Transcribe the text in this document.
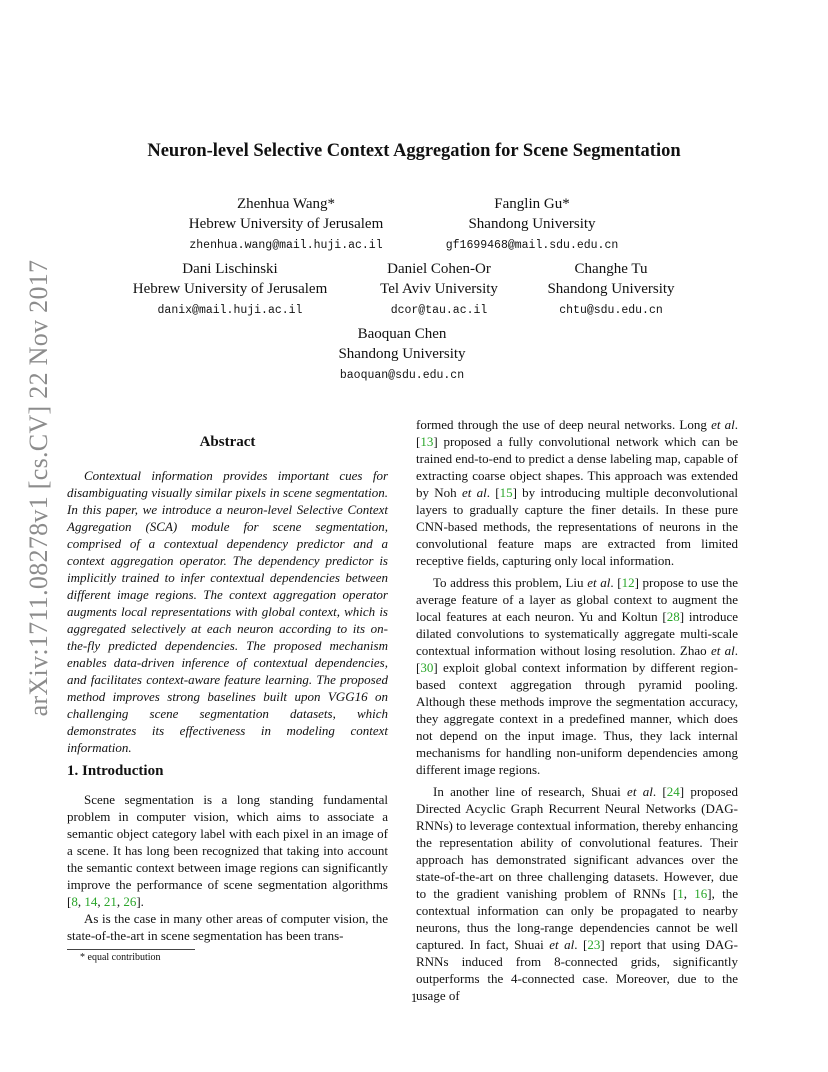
arXiv:1711.08278v1 [cs.CV] 22 Nov 2017
Neuron-level Selective Context Aggregation for Scene Segmentation
Zhenhua Wang*
Hebrew University of Jerusalem
zhenhua.wang@mail.huji.ac.il
Fanglin Gu*
Shandong University
gf1699468@mail.sdu.edu.cn
Dani Lischinski
Hebrew University of Jerusalem
danix@mail.huji.ac.il
Daniel Cohen-Or
Tel Aviv University
dcor@tau.ac.il
Changhe Tu
Shandong University
chtu@sdu.edu.cn
Baoquan Chen
Shandong University
baoquan@sdu.edu.cn
Abstract

Contextual information provides important cues for disambiguating visually similar pixels in scene segmentation. In this paper, we introduce a neuron-level Selective Context Aggregation (SCA) module for scene segmentation, comprised of a contextual dependency predictor and a context aggregation operator. The dependency predictor is implicitly trained to infer contextual dependencies between different image regions. The context aggregation operator augments local representations with global context, which is aggregated selectively at each neuron according to its on-the-fly predicted dependencies. The proposed mechanism enables data-driven inference of contextual dependencies, and facilitates context-aware feature learning. The proposed method improves strong baselines built upon VGG16 on challenging scene segmentation datasets, which demonstrates its effectiveness in modeling context information.

1. Introduction

Scene segmentation is a long standing fundamental problem in computer vision, which aims to associate a semantic object category label with each pixel in an image of a scene. It has long been recognized that taking into account the semantic context between image regions can significantly improve the performance of scene segmentation algorithms [8, 14, 21, 26].

As is the case in many other areas of computer vision, the state-of-the-art in scene segmentation has been trans-

* equal contribution

formed through the use of deep neural networks. Long et al. [13] proposed a fully convolutional network which can be trained end-to-end to predict a dense labeling map, capable of extracting coarse object shapes. This approach was extended by Noh et al. [15] by introducing multiple deconvolutional layers to gradually capture the finer details. In these pure CNN-based methods, the representations of neurons in the convolutional feature maps are extracted from limited receptive fields, capturing only local information.

To address this problem, Liu et al. [12] propose to use the average feature of a layer as global context to augment the local features at each neuron. Yu and Koltun [28] introduce dilated convolutions to systematically aggregate multi-scale contextual information without losing resolution. Zhao et al. [30] exploit global context information by different region-based context aggregation through pyramid pooling. Although these methods improve the segmentation accuracy, they aggregate context in a predefined manner, which does not depend on the input image. Thus, they lack internal mechanisms for handling non-uniform dependencies among different image regions.

In another line of research, Shuai et al. [24] proposed Directed Acyclic Graph Recurrent Neural Networks (DAG-RNNs) to leverage contextual information, thereby enhancing the representation ability of convolutional features. Their approach has demonstrated significant advances over the state-of-the-art on three challenging datasets. However, due to the gradient vanishing problem of RNNs [1, 16], the contextual information can only be propagated to nearby neurons, thus the long-range dependencies cannot be well captured. In fact, Shuai et al. [23] report that using DAG-RNNs induced from 8-connected grids, significantly outperforms the 4-connected case. Moreover, due to the usage of

1
